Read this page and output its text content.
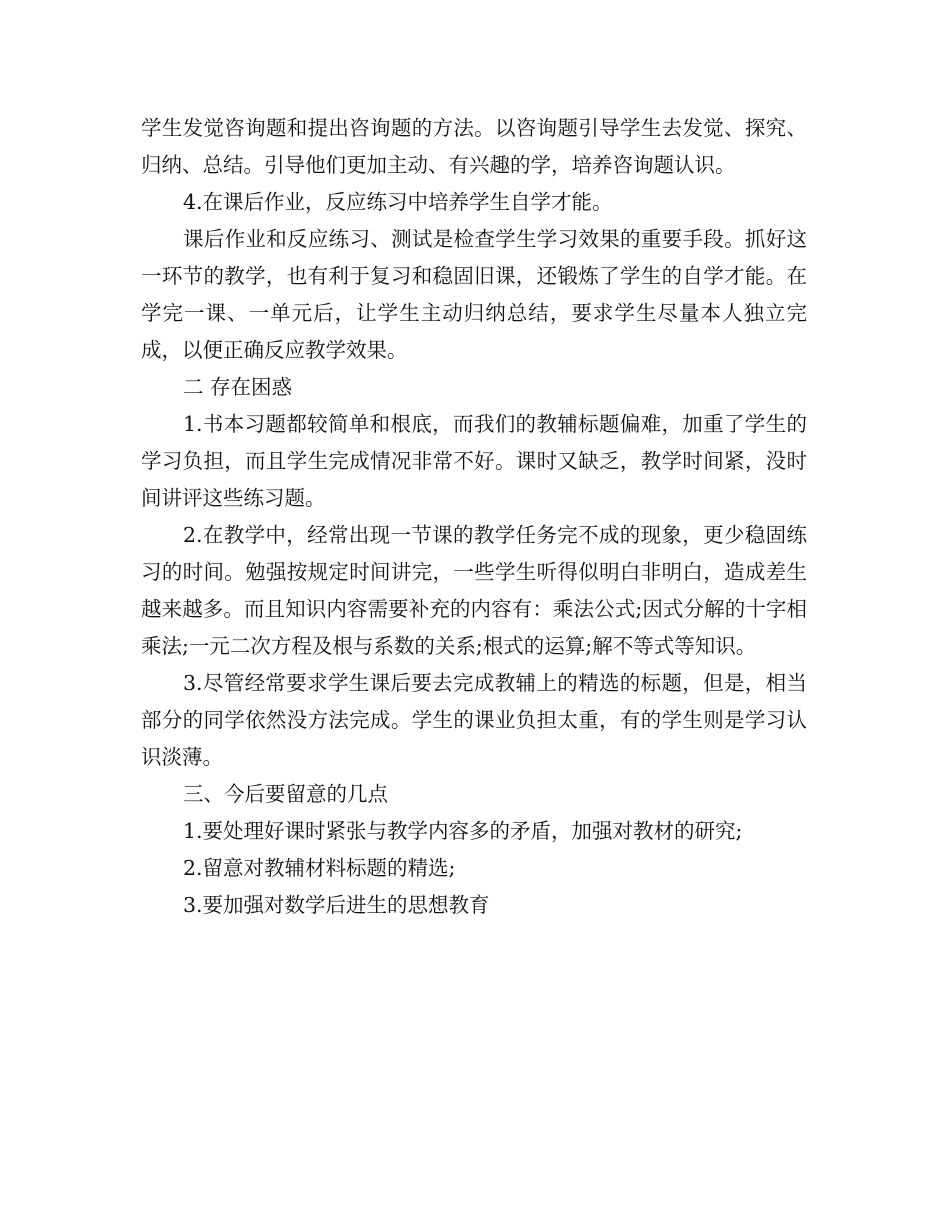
学生发觉咨询题和提出咨询题的方法。以咨询题引导学生去发觉、探究、归纳、总结。引导他们更加主动、有兴趣的学，培养咨询题认识。

4.在课后作业，反应练习中培养学生自学才能。

课后作业和反应练习、测试是检查学生学习效果的重要手段。抓好这一环节的教学，也有利于复习和稳固旧课，还锻炼了学生的自学才能。在学完一课、一单元后，让学生主动归纳总结，要求学生尽量本人独立完成，以便正确反应教学效果。

二 存在困惑

1.书本习题都较简单和根底，而我们的教辅标题偏难，加重了学生的学习负担，而且学生完成情况非常不好。课时又缺乏，教学时间紧，没时间讲评这些练习题。

2.在教学中，经常出现一节课的教学任务完不成的现象，更少稳固练习的时间。勉强按规定时间讲完，一些学生听得似明白非明白，造成差生越来越多。而且知识内容需要补充的内容有：乘法公式;因式分解的十字相乘法;一元二次方程及根与系数的关系;根式的运算;解不等式等知识。

3.尽管经常要求学生课后要去完成教辅上的精选的标题，但是，相当部分的同学依然没方法完成。学生的课业负担太重，有的学生则是学习认识淡薄。

三、今后要留意的几点

1.要处理好课时紧张与教学内容多的矛盾，加强对教材的研究;

2.留意对教辅材料标题的精选;

3.要加强对数学后进生的思想教育
